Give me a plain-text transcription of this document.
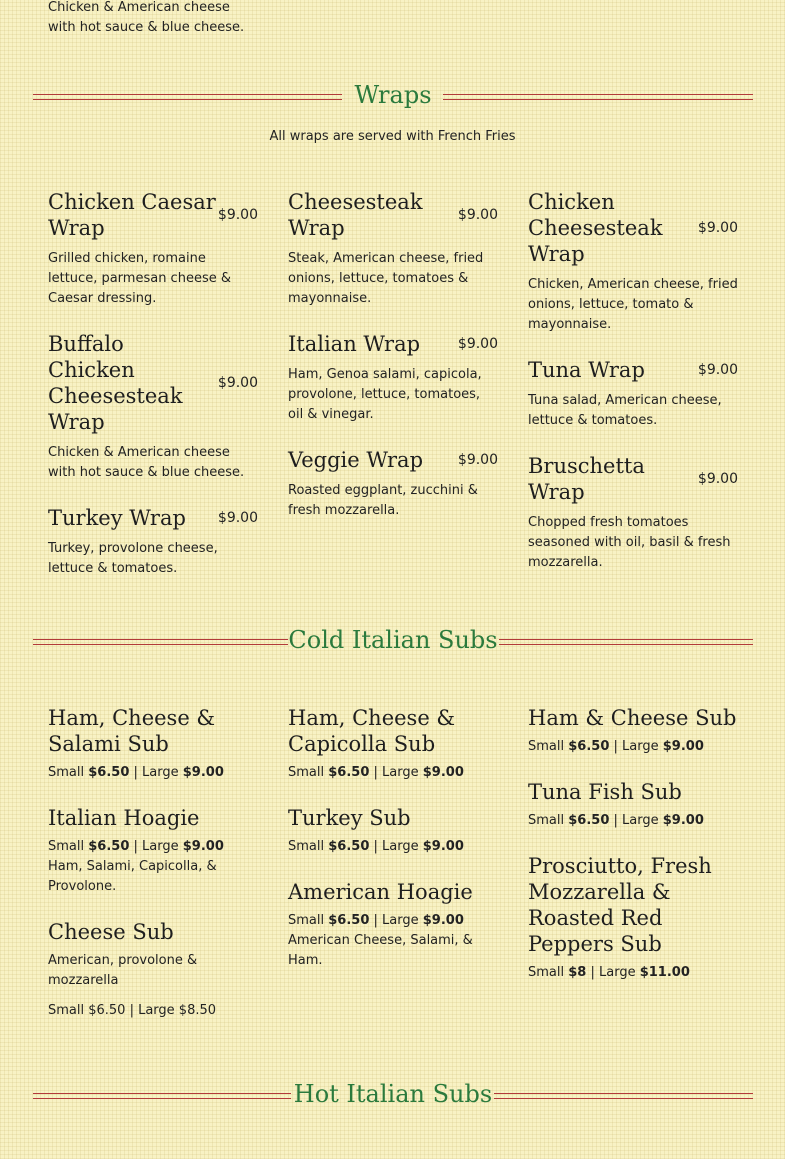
Chicken & American cheese with hot sauce & blue cheese.
Wraps
All wraps are served with French Fries
Chicken Caesar Wrap
$9.00
Grilled chicken, romaine lettuce, parmesan cheese & Caesar dressing.
Buffalo Chicken Cheesesteak Wrap
$9.00
Chicken & American cheese with hot sauce & blue cheese.
Turkey Wrap $9.00
Turkey, provolone cheese, lettuce & tomatoes.
Cheesesteak Wrap
$9.00
Steak, American cheese, fried onions, lettuce, tomatoes & mayonnaise.
Italian Wrap	$9.00
Ham, Genoa salami, capicola, provolone, lettuce, tomatoes, oil & vinegar.
Veggie Wrap $9.00
Roasted eggplant, zucchini & fresh mozzarella.
Chicken Cheesesteak Wrap
$9.00
Chicken, American cheese, fried onions, lettuce, tomato & mayonnaise.
Tuna Wrap	$9.00
Tuna salad, American cheese, lettuce & tomatoes.
Bruschetta Wrap
$9.00
Chopped fresh tomatoes seasoned with oil, basil & fresh mozzarella.
Cold Italian Subs
Ham, Cheese & Salami Sub
Small $6.50 | Large $9.00
Italian Hoagie
Small $6.50 | Large $9.00
Ham, Salami, Capicolla, & Provolone.
Cheese Sub
American, provolone & mozzarella
Small $6.50 | Large $8.50
Ham, Cheese & Capicolla Sub
Small $6.50 | Large $9.00
Turkey Sub
Small $6.50 | Large $9.00
American Hoagie
Small $6.50 | Large $9.00
American Cheese, Salami, & Ham.
Ham & Cheese Sub
Small $6.50 | Large $9.00
Tuna Fish Sub
Small $6.50 | Large $9.00
Prosciutto, Fresh Mozzarella & Roasted Red Peppers Sub
Small $8 | Large $11.00
Hot Italian Subs
